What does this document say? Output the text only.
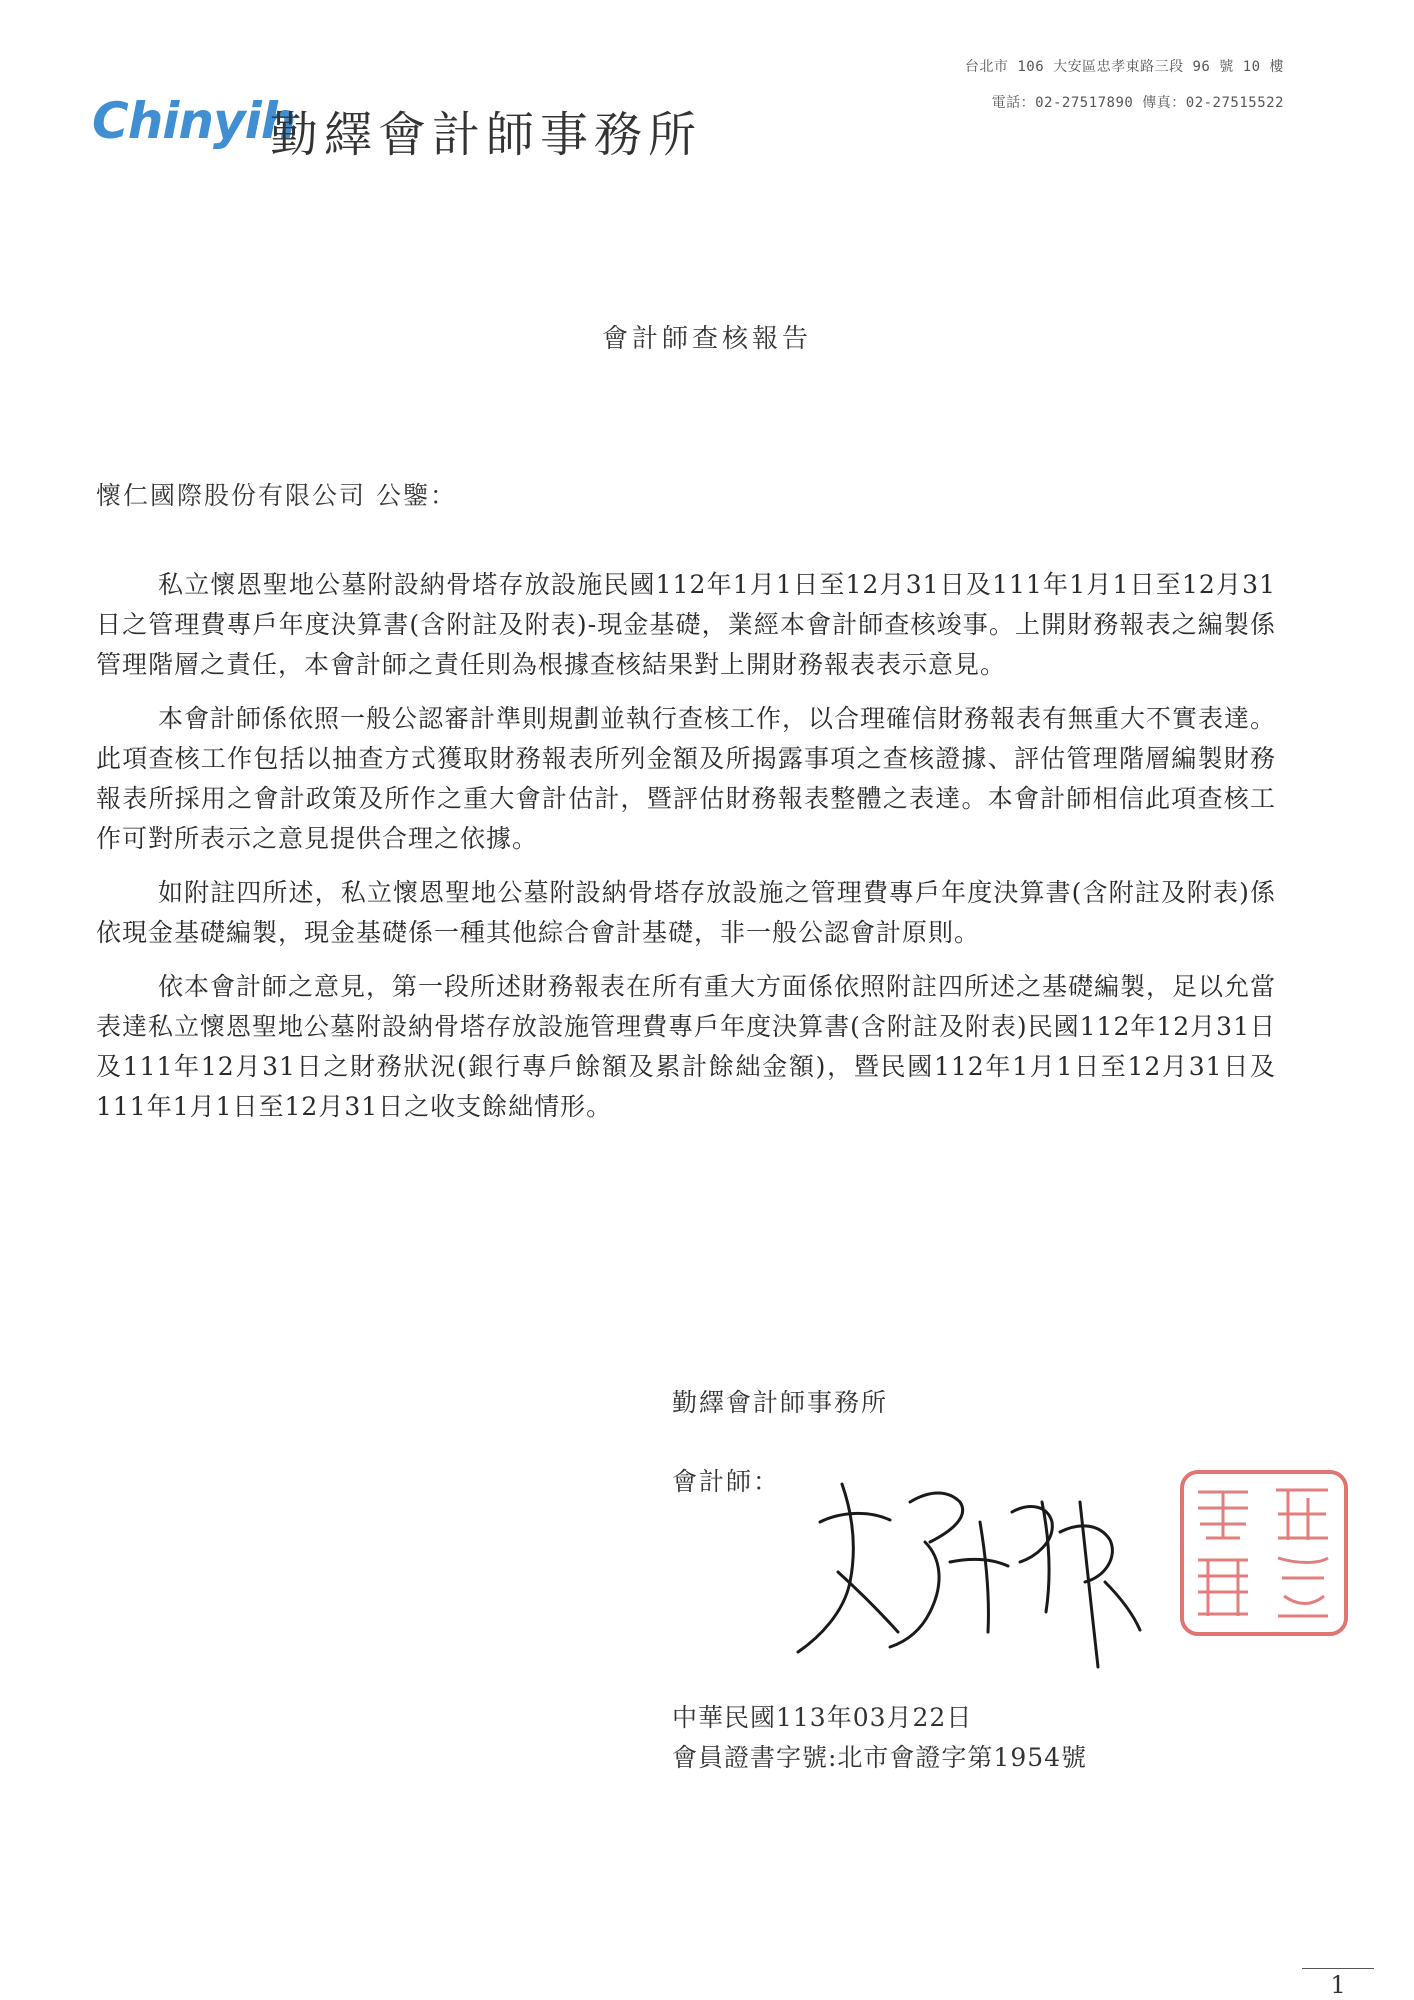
Chinyih
勤繹會計師事務所
台北市 106 大安區忠孝東路三段 96 號 10 樓
電話：02-27517890 傳真：02-27515522
會計師查核報告
懷仁國際股份有限公司 公鑒：

私立懷恩聖地公墓附設納骨塔存放設施民國112年1月1日至12月31日及111年1月1日至12月31日之管理費專戶年度決算書(含附註及附表)-現金基礎，業經本會計師查核竣事。上開財務報表之編製係管理階層之責任，本會計師之責任則為根據查核結果對上開財務報表表示意見。

本會計師係依照一般公認審計準則規劃並執行查核工作，以合理確信財務報表有無重大不實表達。此項查核工作包括以抽查方式獲取財務報表所列金額及所揭露事項之查核證據、評估管理階層編製財務報表所採用之會計政策及所作之重大會計估計，暨評估財務報表整體之表達。本會計師相信此項查核工作可對所表示之意見提供合理之依據。

如附註四所述，私立懷恩聖地公墓附設納骨塔存放設施之管理費專戶年度決算書(含附註及附表)係依現金基礎編製，現金基礎係一種其他綜合會計基礎，非一般公認會計原則。

依本會計師之意見，第一段所述財務報表在所有重大方面係依照附註四所述之基礎編製，足以允當表達私立懷恩聖地公墓附設納骨塔存放設施管理費專戶年度決算書(含附註及附表)民國112年12月31日及111年12月31日之財務狀況(銀行專戶餘額及累計餘絀金額)，暨民國112年1月1日至12月31日及111年1月1日至12月31日之收支餘絀情形。

勤繹會計師事務所
會計師：
中華民國113年03月22日
會員證書字號:北市會證字第1954號
1
